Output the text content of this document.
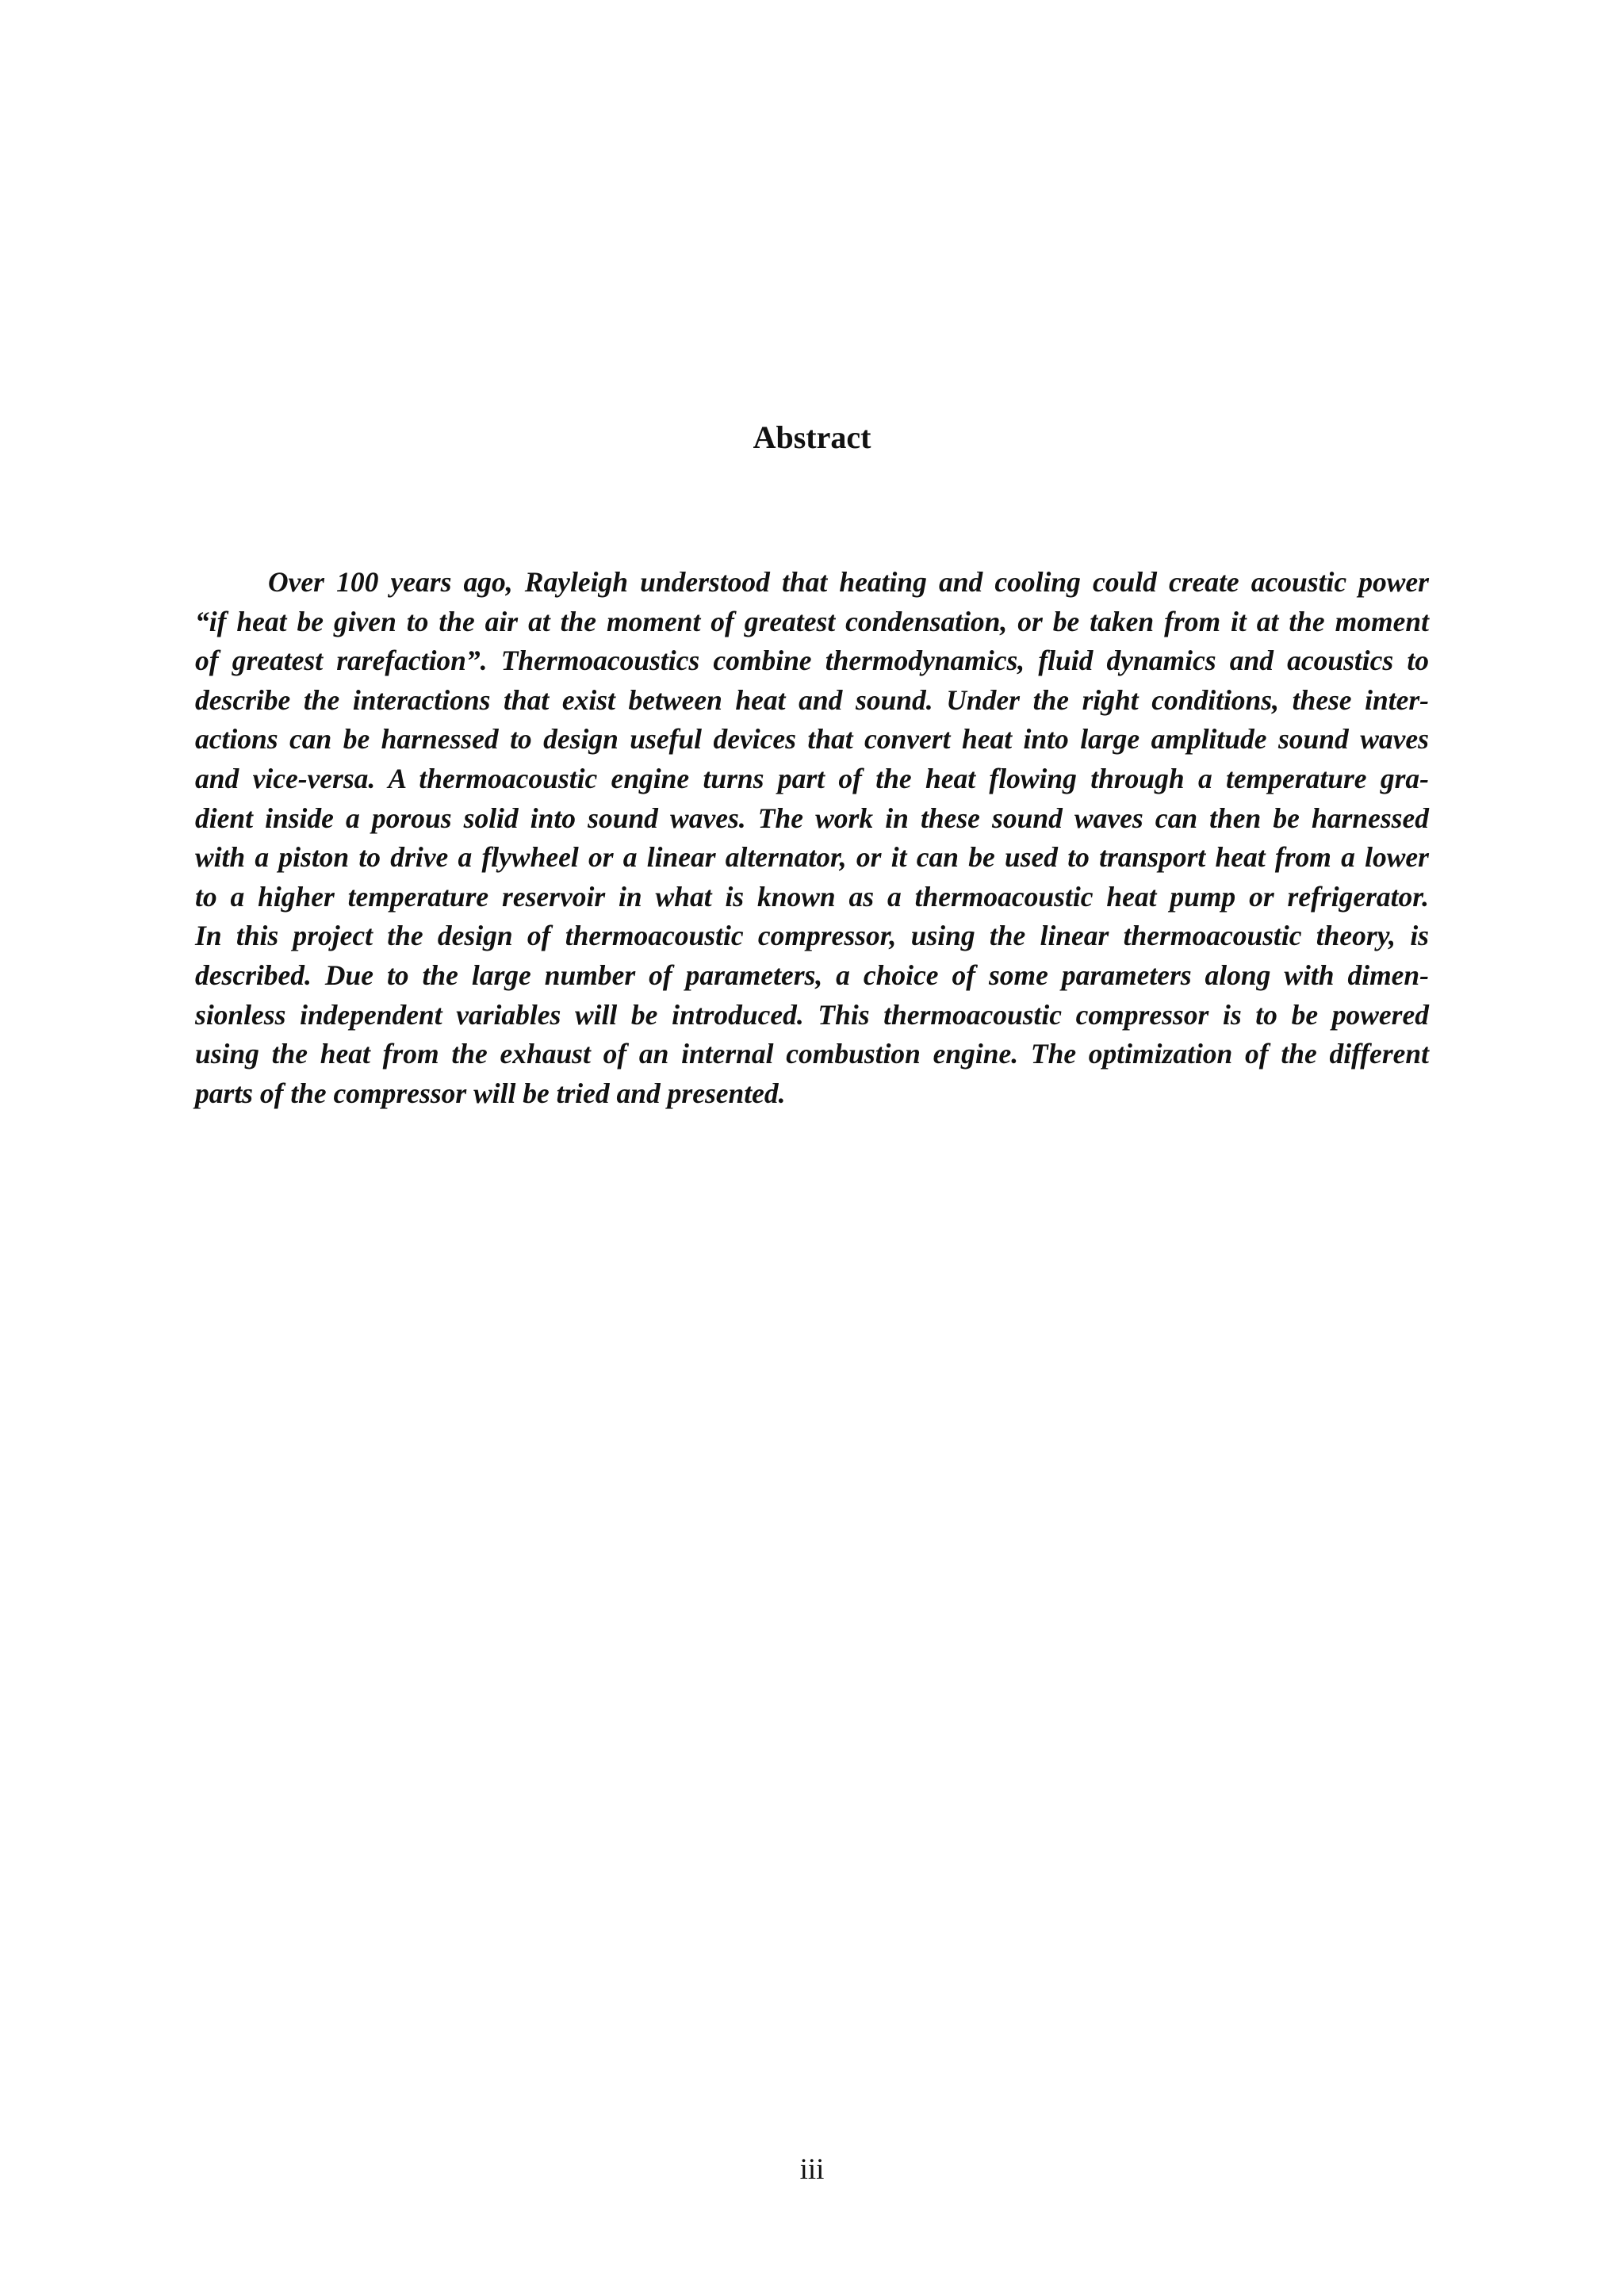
Abstract
Over 100 years ago, Rayleigh understood that heating and cooling could create acoustic power
“if heat be given to the air at the moment of greatest condensation, or be taken from it at the moment
of greatest rarefaction”. Thermoacoustics combine thermodynamics, fluid dynamics and acoustics to
describe the interactions that exist between heat and sound. Under the right conditions, these inter-
actions can be harnessed to design useful devices that convert heat into large amplitude sound waves
and vice-versa. A thermoacoustic engine turns part of the heat flowing through a temperature gra-
dient inside a porous solid into sound waves. The work in these sound waves can then be harnessed
with a piston to drive a flywheel or a linear alternator, or it can be used to transport heat from a lower
to a higher temperature reservoir in what is known as a thermoacoustic heat pump or refrigerator.
In this project the design of thermoacoustic compressor, using the linear thermoacoustic theory, is
described. Due to the large number of parameters, a choice of some parameters along with dimen-
sionless independent variables will be introduced. This thermoacoustic compressor is to be powered
using the heat from the exhaust of an internal combustion engine. The optimization of the different
parts of the compressor will be tried and presented.
iii
